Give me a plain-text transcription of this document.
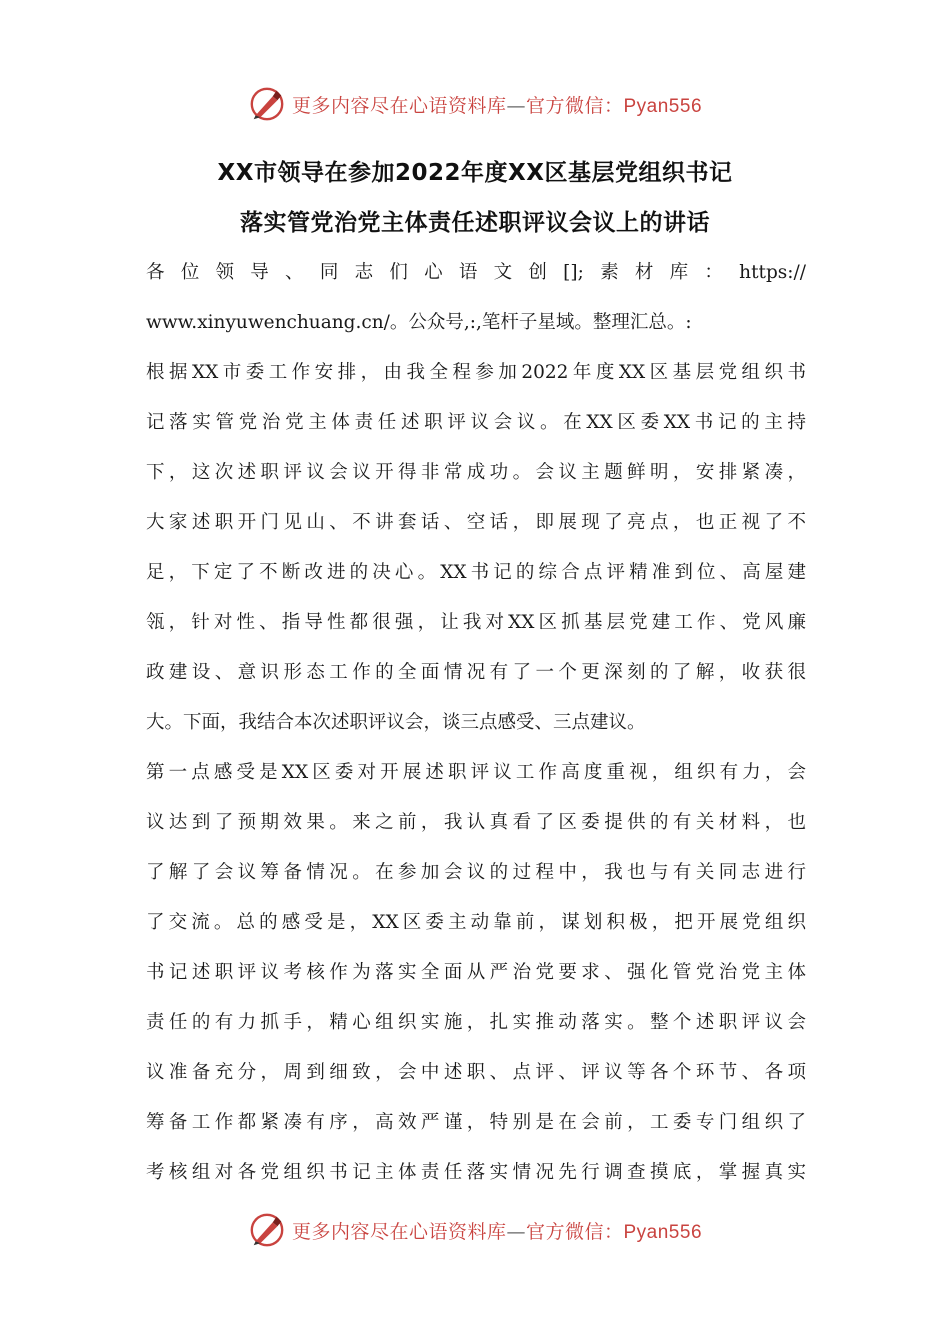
更多内容尽在心语资料库—官方微信：Pyan556
XX市领导在参加2022年度XX区基层党组织书记
落实管党治党主体责任述职评议会议上的讲话
各位领导、同志们心语文创[];素材库：https://
www.xinyuwenchuang.cn/。公众号,:,笔杆子星域。整理汇总。:
根据XX市委工作安排，由我全程参加2022年度XX区基层党组织书
记落实管党治党主体责任述职评议会议。在XX区委XX书记的主持
下，这次述职评议会议开得非常成功。会议主题鲜明，安排紧凑，
大家述职开门见山、不讲套话、空话，即展现了亮点，也正视了不
足，下定了不断改进的决心。XX书记的综合点评精准到位、高屋建
瓴，针对性、指导性都很强，让我对XX区抓基层党建工作、党风廉
政建设、意识形态工作的全面情况有了一个更深刻的了解，收获很
大。下面，我结合本次述职评议会，谈三点感受、三点建议。
第一点感受是XX区委对开展述职评议工作高度重视，组织有力，会
议达到了预期效果。来之前，我认真看了区委提供的有关材料，也
了解了会议筹备情况。在参加会议的过程中，我也与有关同志进行
了交流。总的感受是，XX区委主动靠前，谋划积极，把开展党组织
书记述职评议考核作为落实全面从严治党要求、强化管党治党主体
责任的有力抓手，精心组织实施，扎实推动落实。整个述职评议会
议准备充分，周到细致，会中述职、点评、评议等各个环节、各项
筹备工作都紧凑有序，高效严谨，特别是在会前，工委专门组织了
考核组对各党组织书记主体责任落实情况先行调查摸底，掌握真实
更多内容尽在心语资料库—官方微信：Pyan556
